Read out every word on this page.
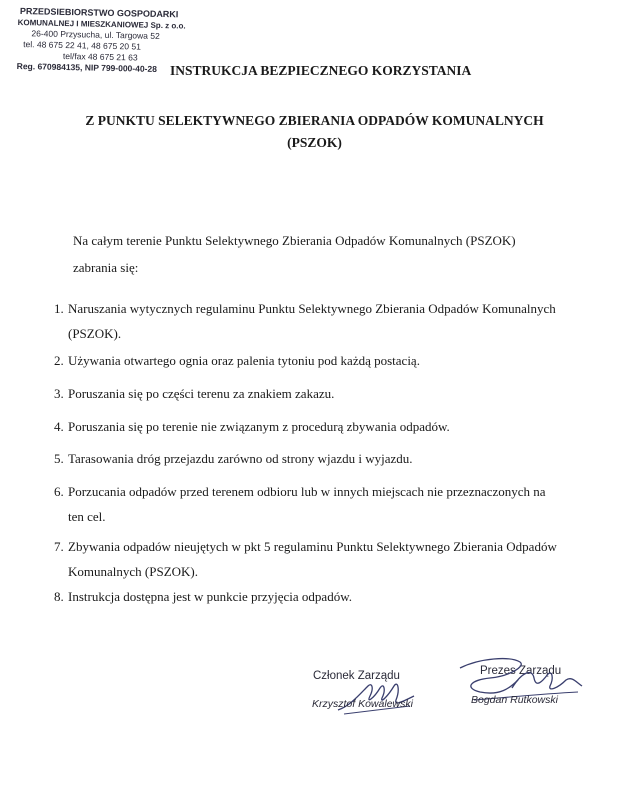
PRZEDSIEBIORSTWO GOSPODARKI
KOMUNALNEJ I MIESZKANIOWEJ Sp. z o.o.
26-400 Przysucha, ul. Targowa 52
tel. 48 675 22 41, 48 675 20 51
tel/fax 48 675 21 63
Reg. 670984135, NIP 799-000-40-28 INSTRUKCJA BEZPIECZNEGO KORZYSTANIA
Z PUNKTU SELEKTYWNEGO ZBIERANIA ODPADÓW KOMUNALNYCH
(PSZOK)
Na całym terenie Punktu Selektywnego Zbierania Odpadów Komunalnych (PSZOK)
zabrania się:
1. Naruszania wytycznych regulaminu Punktu Selektywnego Zbierania Odpadów Komunalnych
(PSZOK).
2. Używania otwartego ognia oraz palenia tytoniu pod każdą postacią.
3. Poruszania się po części terenu za znakiem zakazu.
4. Poruszania się po terenie nie związanym z procedurą zbywania odpadów.
5. Tarasowania dróg przejazdu zarówno od strony wjazdu i wyjazdu.
6. Porzucania odpadów przed terenem odbioru lub w innych miejscach nie przeznaczonych na
ten cel.
7. Zbywania odpadów nieujętych w pkt 5 regulaminu Punktu Selektywnego Zbierania Odpadów
Komunalnych (PSZOK).
8. Instrukcja dostępna jest w punkcie przyjęcia odpadów.
Członek Zarządu
Krzysztof Kowalewski
Prezes Zarządu
Bogdan Rutkowski
